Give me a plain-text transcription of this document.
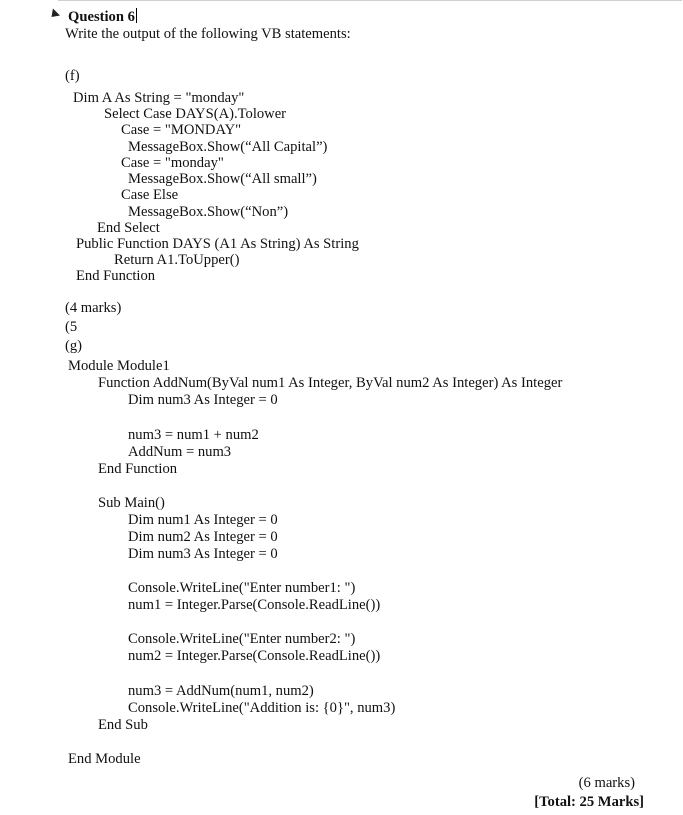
Question 6
Write the output of the following VB statements:
(f)
Dim A As String = "monday"
Select Case DAYS(A).Tolower
Case = "MONDAY"
MessageBox.Show(“All Capital”)
Case = "monday"
MessageBox.Show(“All small”)
Case Else
MessageBox.Show(“Non”)
End Select
Public Function DAYS (A1 As String) As String
Return A1.ToUpper()
End Function
(4 marks)
(5
(g)
Module Module1
Function AddNum(ByVal num1 As Integer, ByVal num2 As Integer) As Integer
Dim num3 As Integer = 0
num3 = num1 + num2
AddNum = num3
End Function
Sub Main()
Dim num1 As Integer = 0
Dim num2 As Integer = 0
Dim num3 As Integer = 0
Console.WriteLine("Enter number1: ")
num1 = Integer.Parse(Console.ReadLine())
Console.WriteLine("Enter number2: ")
num2 = Integer.Parse(Console.ReadLine())
num3 = AddNum(num1, num2)
Console.WriteLine("Addition is: {0}", num3)
End Sub
End Module
(6 marks)
[Total: 25 Marks]
